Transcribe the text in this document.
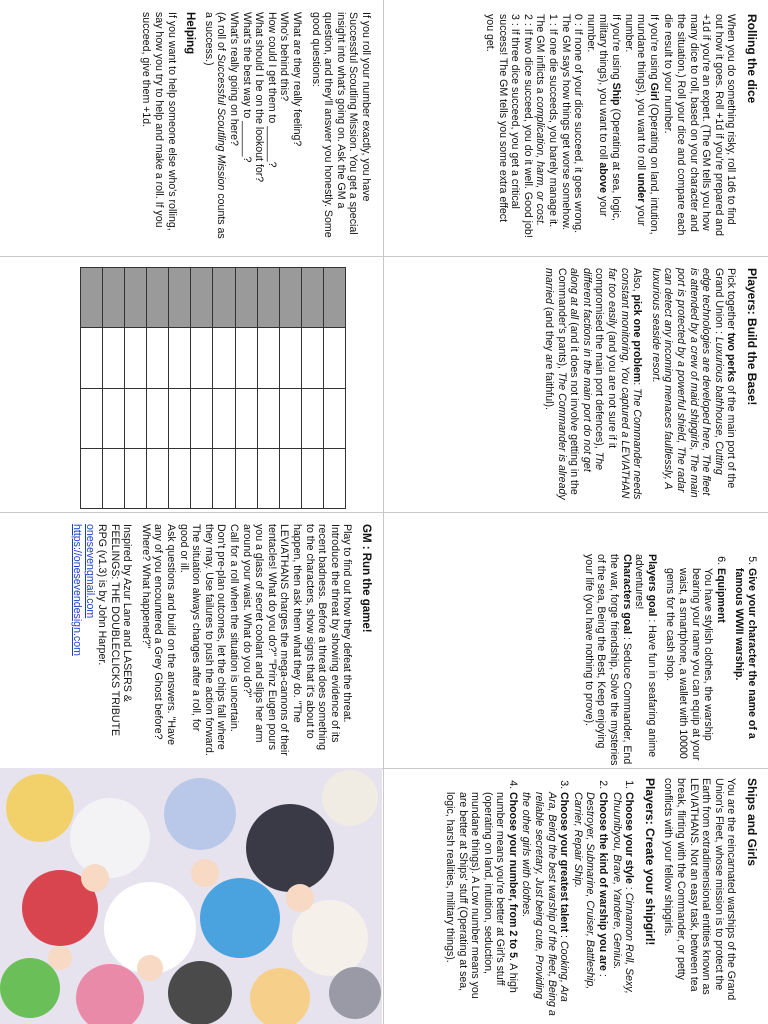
If you roll your number exactly, you have Successful Scoutling Mission. You get a special insight into what's going on. Ask the GM a question, and they'll answer you honestly. Some good questions:

What are they really feeling?
Who's behind this?
How could I get them to ______?
What should I be on the lookout for?
What's the best way to ______?
What's really going on here?
(A roll of Successful Scoutling Mission counts as a success.)
Helping

If you want to help someone else who's rolling, say how you try to help and make a roll. If you succeed, give them +1d.	Rolling the dice

When you do something risky, roll 1d6 to find out how it goes. Roll +1d if you're prepared and +1d if you're an expert. (The GM tells you how many dice to roll, based on your character and the situation.) Roll your dice and compare each die result to your number.

If you're using Girl (Operating on land, intution, mundane things), you want to roll under your number.
If you're using Ship (Operating at sea, logic, military things), you want to roll above your number.
0 : If none of your dice succeed, it goes wrong. The GM says how things get worse somehow.
1 : If one die succeeds, you barely manage it. The GM inflicts a complication, harm, or cost.
2 : If two dice succeed, you do it well. Good job!
3 : If three dice succeed, you get a critical success! The GM tells you some extra effect you get.

Players: Build the Base!

Pick together two perks of the main port of the Grand Union : Luxurious bathhouse, Cutting edge technologies are developed here, The fleet is attended by a crew of maid shipgirls, The main port is protected by a powerful shield, The radar can detect any incoming menaces faultlessly, A luxurious seaside resort.

Also, pick one problem: The Commander needs constant monitoring, You captured a LEVIATHAN far too easily (and you are not sure if it compromised the main port defences), The different factions in the main port do not get along at all (and it does not involve getting in the Commander's pants), The Commander is already married (and they are faithful).

GM : Run the game!

Play to find out how they defeat the threat. Introduce the threat by showing evidence of its recent badness. Before a threat does something to the characters, show signs that it's about to happen, then ask them what they do. "The LEVIATHANS charges the mega-cannons of their tentacles! What do you do?" "Prinz Eugen pours you a glass of secret coolant and slips her arm around your waist. What do you do?"

Call for a roll when the situation is uncertain. Don't pre-plan outcomes, let the chips fall where they may. Use failures to push the action forward. The situation always changes after a roll, for good or ill.

Ask questions and build on the answers. "Have any of you encountered a Grey Ghost before? Where? What happened?"

Inspired by Azur Lane and LASERS & FEELINGS: THE DOUBLECLICKS TRIBUTE RPG (v1.3) is by John Harper.

onesevengmail.com
https://onesevendesign.com
5.	Give your character the name of a famous WWII warship.
6. Equipment
You have stylish clothes, the warship bearing your name you can equip at your waist, a smartphone, a wallet with 10000 gems for the cash shop.

Players goal : Have fun in seafaring anime adventures!

Characters goal : Seduce Commander, End the war, forge friendship, Solve the mysteries of the sea, Being the Best, Keep enjoying your life (you have nothing to prove).

Ships and Girls

You are the reincarnated warships of the Grand Union's Fleet, whose mission is to protect the Earth from extradimensional entities known as LEVIATHANS. Not an easy task, between tea break, flirting with the Commander, or petty conflicts with your fellow shipgirls.

Players: Create your shipgirl!
1. Choose your style : Cinnamon Roll, Sexy, Chuunibyou, Brave, Yandere, Genius.
2. Choose the kind of warship you are : Destroyer, Submarine, Cruiser, Battleship, Carrier, Repair Ship.
3. Choose your greatest talent : Cooking, Ara Ara, Being the best warship of the fleet, Being a reliable secretary, Just being cute, Providing the other girls with clothes.
4. Choose your number, from 2 to 5. A high number means you're better at Girl's stuff (operating on land, intuition, seduction, mundane things). A Low number means you are better at Ships' stuff (Operating at sea, logic, harsh realities, military things).
